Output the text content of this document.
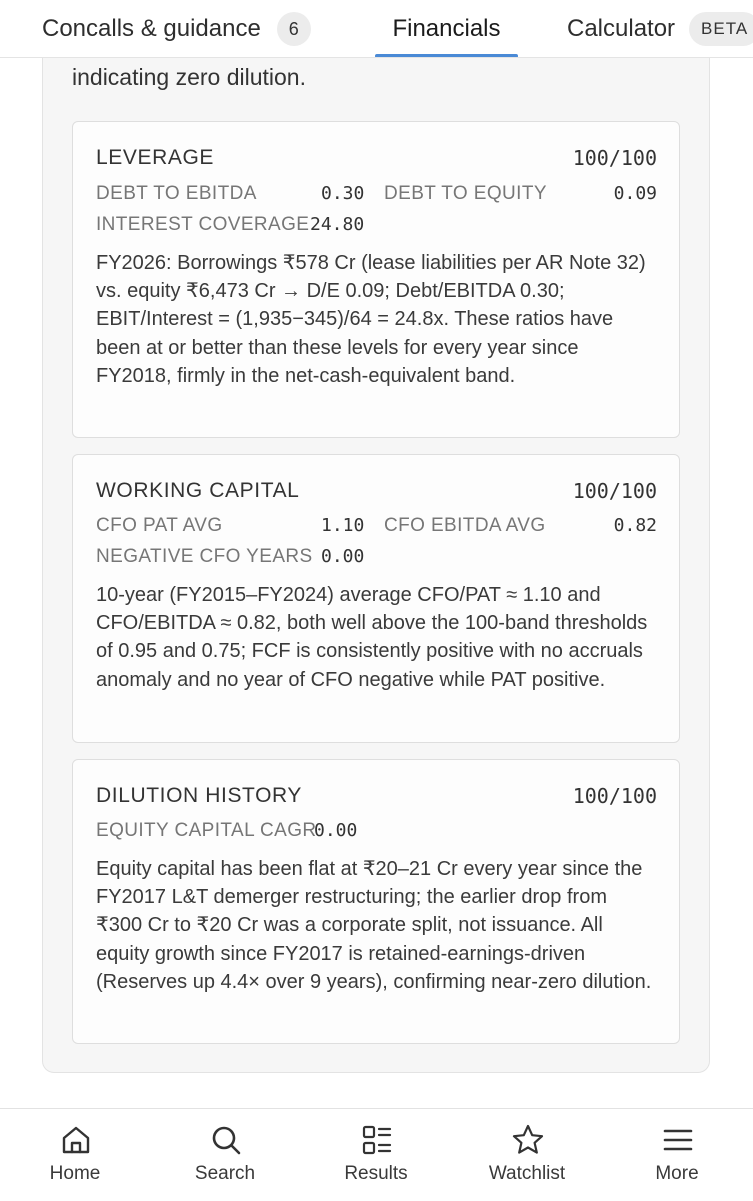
Concalls & guidance	6	Financials	Calculator	BETA
indicating zero dilution.
LEVERAGE	100/100
DEBT TO EBITDA	0.30 DEBT TO EQUITY	0.09
INTEREST COVERAGE 24.80
FY2026: Borrowings ₹578 Cr (lease liabilities per AR Note 32) vs. equity ₹6,473 Cr → D/E 0.09; Debt/EBITDA 0.30; EBIT/Interest = (1,935−345)/64 = 24.8x. These ratios have been at or better than these levels for every year since FY2018, firmly in the net-cash-equivalent band.
WORKING CAPITAL	100/100
CFO PAT AVG	1.10 CFO EBITDA AVG	0.82
NEGATIVE CFO YEARS 0.00
10-year (FY2015–FY2024) average CFO/PAT ≈ 1.10 and CFO/EBITDA ≈ 0.82, both well above the 100-band thresholds of 0.95 and 0.75; FCF is consistently positive with no accruals anomaly and no year of CFO negative while PAT positive.
DILUTION HISTORY	100/100
EQUITY CAPITAL CAGR
0.00
Equity capital has been flat at ₹20–21 Cr every year since the FY2017 L&T demerger restructuring; the earlier drop from ₹300 Cr to ₹20 Cr was a corporate split, not issuance. All equity growth since FY2017 is retained-earnings-driven (Reserves up 4.4× over 9 years), confirming near-zero dilution.
Home	Search	Results	Watchlist	More
